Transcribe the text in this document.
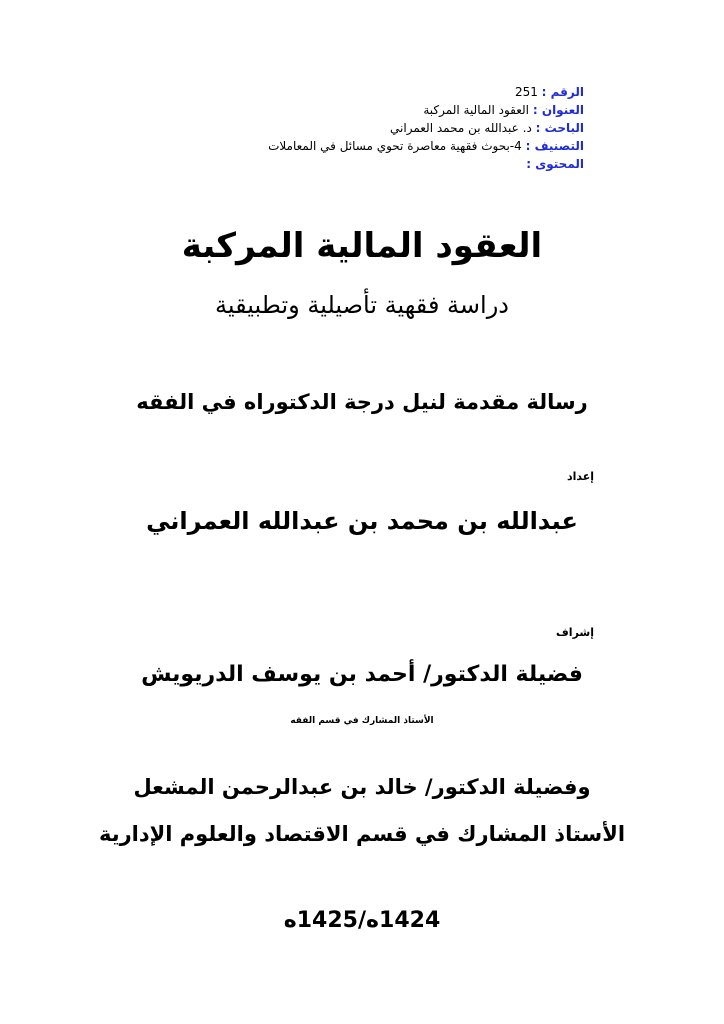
الرقم : 251
العنوان : العقود المالية المركبة
الباحث : د. عبدالله بن محمد العمراني
التصنيف : 4-بحوث فقهية معاصرة تحوي مسائل في المعاملات
المحتوى :
العقود المالية المركبة
دراسة فقهية تأصيلية وتطبيقية
رسالة مقدمة لنيل درجة الدكتوراه في الفقه
إعداد
عبدالله بن محمد بن عبدالله العمراني
إشراف
فضيلة الدكتور/ أحمد بن يوسف الدريويش
الأستاذ المشارك في قسم الفقه
وفضيلة الدكتور/ خالد بن عبدالرحمن المشعل
الأستاذ المشارك في قسم الاقتصاد والعلوم الإدارية
1424ه/1425ه
